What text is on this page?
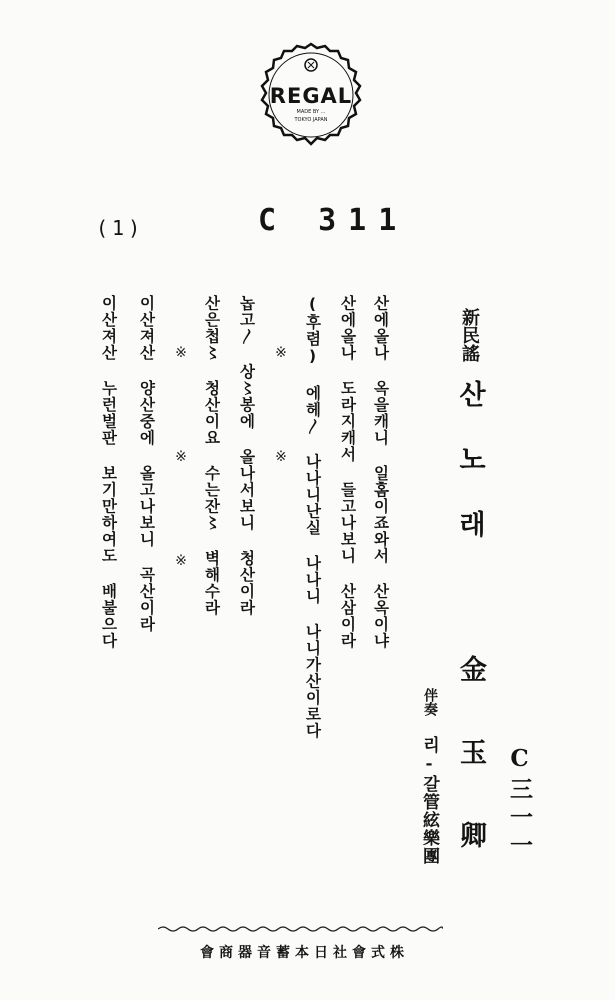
REGAL
MADE BY ...
TOKYO JAPAN
(1)	C 311
C三一一
新民謠
산노래
金玉卿
伴奏
리-갈管絃樂團
산에올나 옥을캐니 일홈이죠와서 산옥이냐
산에올나 도라지캐서 들고나보니 산삼이라
(후렴) 에헤〳 나나니난실 나나니 나니가산이로다
※ ※
놉고〳 상〻봉에 올나서보니 청산이라
산은첩〻 청산이요 수는잔〻 벽해수라
※ ※ ※
이산져산 양산중에 올고나보니 곡산이라
이산져산 누런벌판 보기만하여도 배불으다
株式會社日本蓄音器商會
